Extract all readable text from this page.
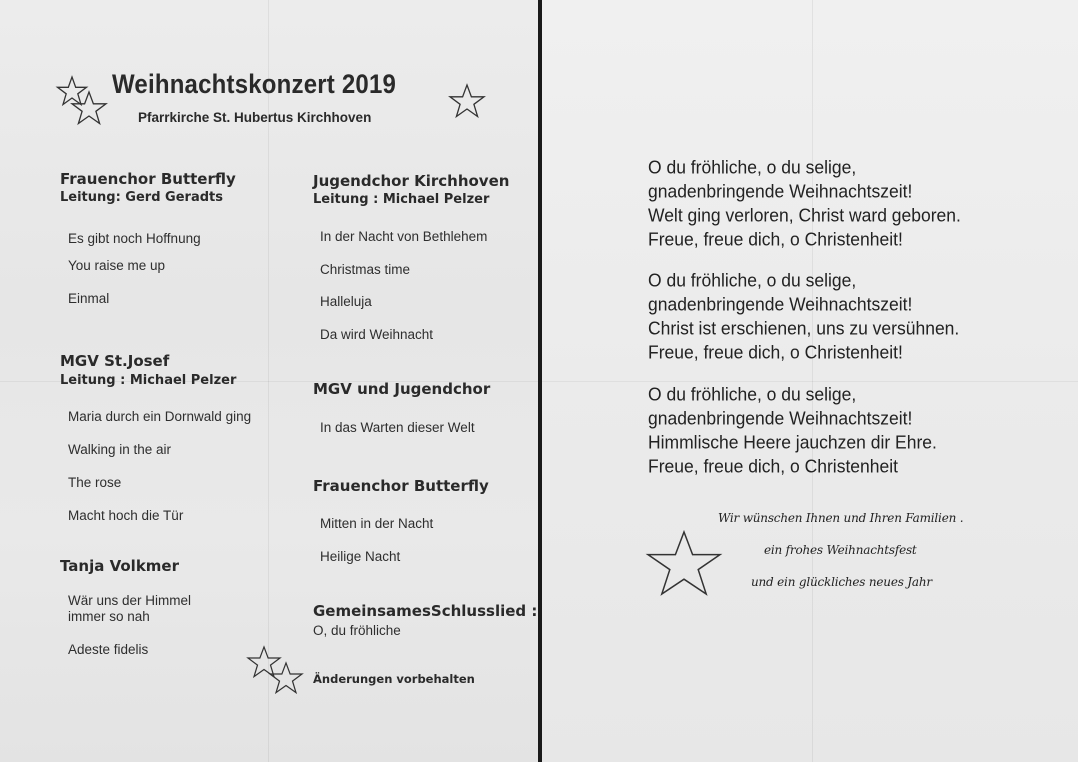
Weihnachtskonzert 2019
Pfarrkirche St. Hubertus Kirchhoven
Frauenchor Butterfly
Leitung: Gerd Geradts
Es gibt noch Hoffnung
You raise me up
Einmal
MGV St.Josef
Leitung : Michael Pelzer
Maria durch ein Dornwald ging
Walking in the air
The rose
Macht hoch die Tür
Tanja Volkmer
Wär uns der Himmel
immer so nah
Adeste fidelis
Jugendchor Kirchhoven
Leitung : Michael Pelzer
In der Nacht von Bethlehem
Christmas time
Halleluja
Da wird Weihnacht
MGV und Jugendchor
In das Warten dieser Welt
Frauenchor Butterfly
Mitten in der Nacht
Heilige Nacht
GemeinsamesSchlusslied :
O, du fröhliche
Änderungen vorbehalten
O du fröhliche, o du selige,
gnadenbringende Weihnachtszeit!
Welt ging verloren, Christ ward geboren.
Freue, freue dich, o Christenheit!
O du fröhliche, o du selige,
gnadenbringende Weihnachtszeit!
Christ ist erschienen, uns zu versühnen.
Freue, freue dich, o Christenheit!
O du fröhliche, o du selige,
gnadenbringende Weihnachtszeit!
Himmlische Heere jauchzen dir Ehre.
Freue, freue dich, o Christenheit
Wir wünschen Ihnen und Ihren Familien .
ein frohes Weihnachtsfest
und ein glückliches neues Jahr
